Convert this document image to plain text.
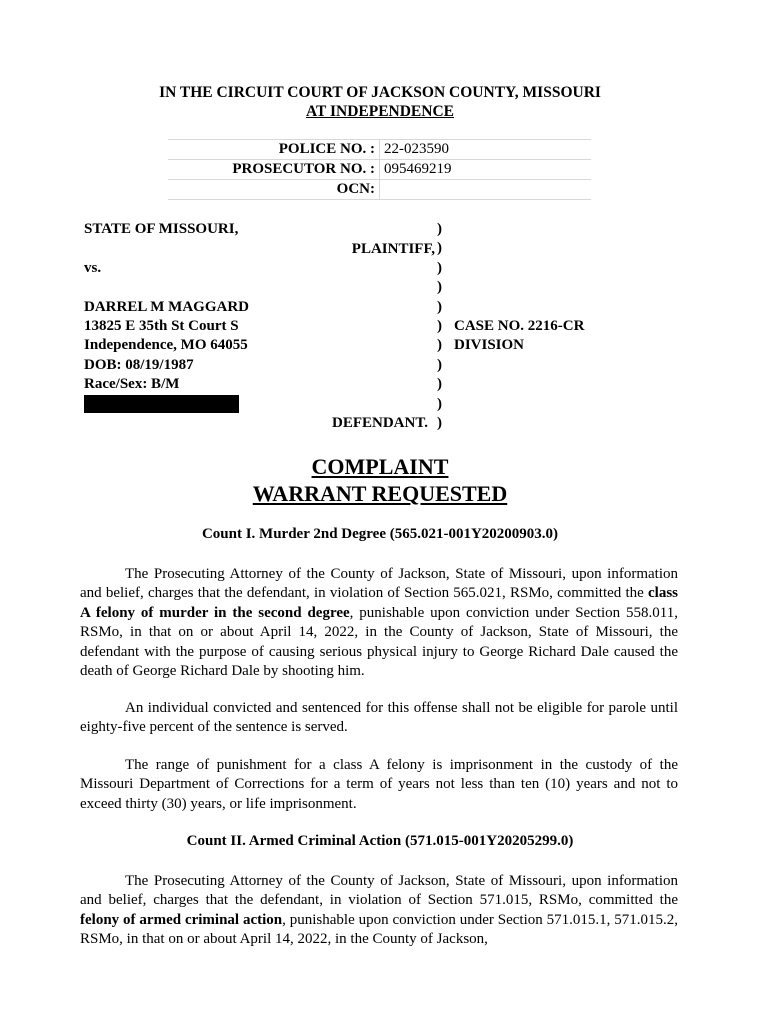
IN THE CIRCUIT COURT OF JACKSON COUNTY, MISSOURI
AT INDEPENDENCE
POLICE NO. :	22-023590
PROSECUTOR NO. :	095469219
OCN:	
STATE OF MISSOURI,

vs.

DARREL M MAGGARD
13825 E 35th St Court S
Independence, MO 64055
DOB: 08/19/1987
Race/Sex: B/M
PLAINTIFF,
DEFENDANT.
)
)
)
)
)
)
)
)
)
)
)
CASE NO. 2216-CR
DIVISION
COMPLAINT
WARRANT REQUESTED
Count I. Murder 2nd Degree (565.021-001Y20200903.0)
The Prosecuting Attorney of the County of Jackson, State of Missouri, upon information and belief, charges that the defendant, in violation of Section 565.021, RSMo, committed the class A felony of murder in the second degree, punishable upon conviction under Section 558.011, RSMo, in that on or about April 14, 2022, in the County of Jackson, State of Missouri, the defendant with the purpose of causing serious physical injury to George Richard Dale caused the death of George Richard Dale by shooting him.
An individual convicted and sentenced for this offense shall not be eligible for parole until eighty-five percent of the sentence is served.
The range of punishment for a class A felony is imprisonment in the custody of the Missouri Department of Corrections for a term of years not less than ten (10) years and not to exceed thirty (30) years, or life imprisonment.
Count II. Armed Criminal Action (571.015-001Y20205299.0)
The Prosecuting Attorney of the County of Jackson, State of Missouri, upon information and belief, charges that the defendant, in violation of Section 571.015, RSMo, committed the felony of armed criminal action, punishable upon conviction under Section 571.015.1, 571.015.2, RSMo, in that on or about April 14, 2022, in the County of Jackson,
